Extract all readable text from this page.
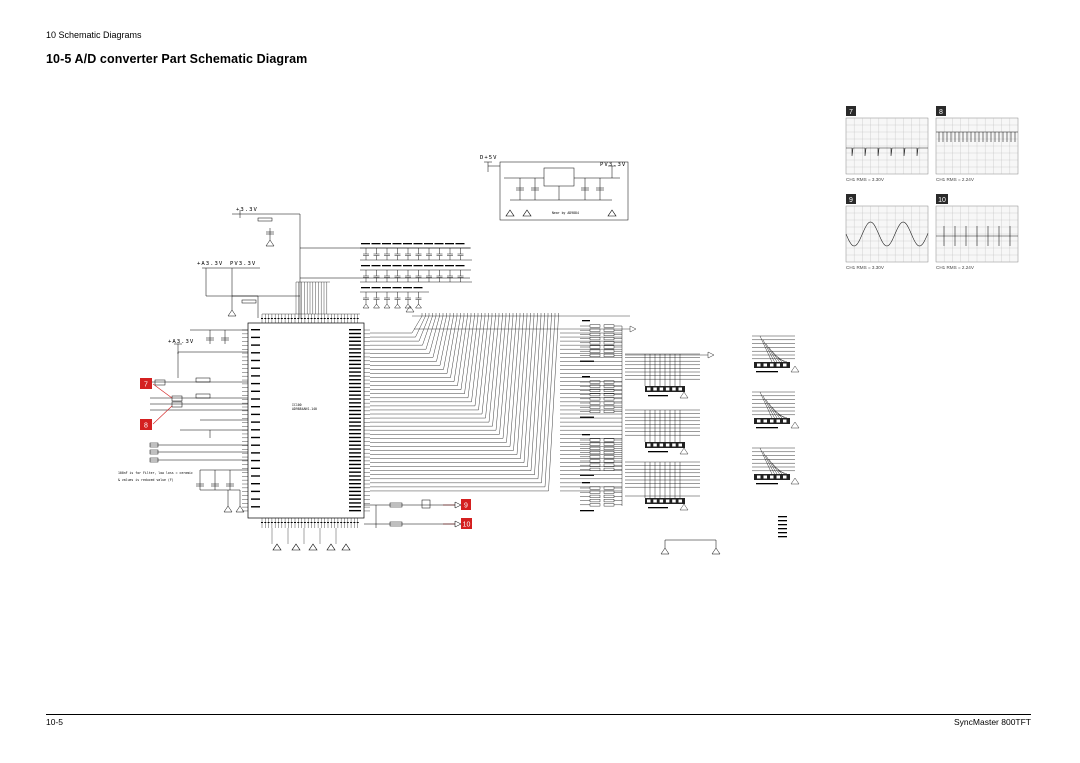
10 Schematic Diagrams
10-5 A/D converter Part Schematic Diagram
7
CH1 RMS = 3.30V
8
CH1 RMS = 2.24V
9
CH1 RMS = 3.30V
10
CH1 RMS = 2.24V
D+5V
PV3.3V
+3.3V
+A3.3V PV3.3V
+A3.3V
IC100
AD9884AKS-140
100nF is for Filter, low loss = ceramic
& values is reduced value (F)
Near by AD9884
7
8
9
10
10-5	SyncMaster 800TFT
